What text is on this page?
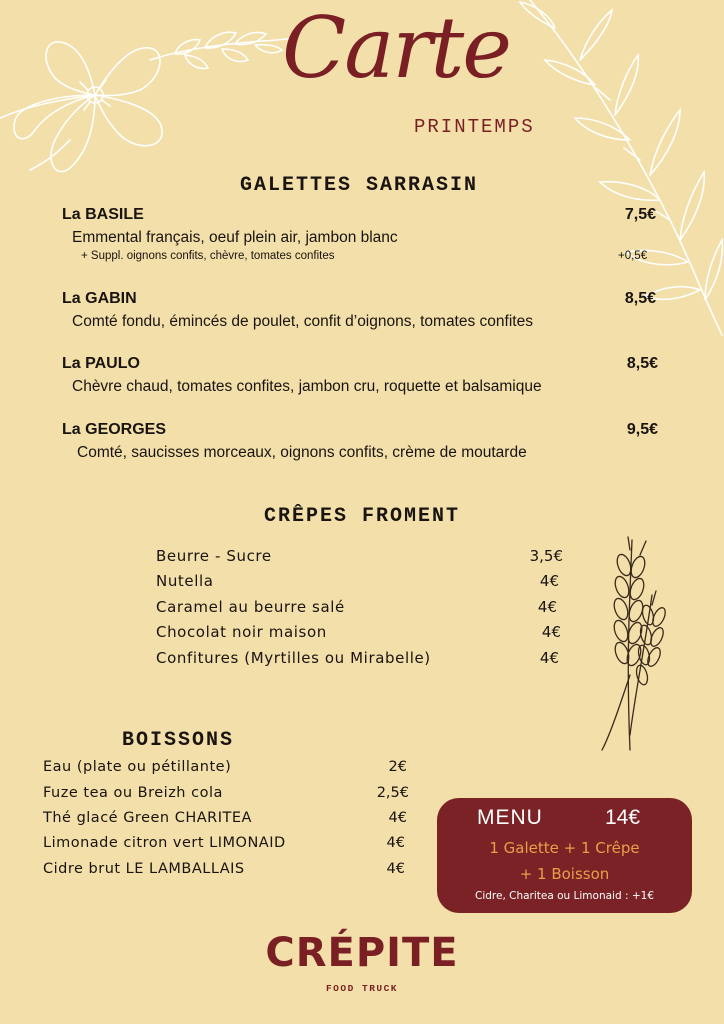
Carte
PRINTEMPS
GALETTES SARRASIN
La BASILE	7,5€
Emmental français, oeuf plein air, jambon blanc
+ Suppl. oignons confits, chèvre, tomates confites	+0,5€
La GABIN	8,5€
Comté fondu, émincés de poulet, confit d’oignons, tomates confites
La PAULO	8,5€
Chèvre chaud, tomates confites, jambon cru, roquette et balsamique
La GEORGES	9,5€
Comté, saucisses morceaux, oignons confits, crème de moutarde
CRÊPES FROMENT
Beurre - Sucre	3,5€
Nutella	4€
Caramel au beurre salé	4€
Chocolat noir maison	4€
Confitures (Myrtilles ou Mirabelle)	4€
BOISSONS
Eau (plate ou pétillante)	2€
Fuze tea ou Breizh cola	2,5€
Thé glacé Green CHARITEA	4€
Limonade citron vert LIMONAID	4€
Cidre brut LE LAMBALLAIS	4€
MENU	14€
1 Galette + 1 Crêpe
+ 1 Boisson
Cidre, Charitea ou Limonaid : +1€
CRÉPITE
FOOD TRUCK
